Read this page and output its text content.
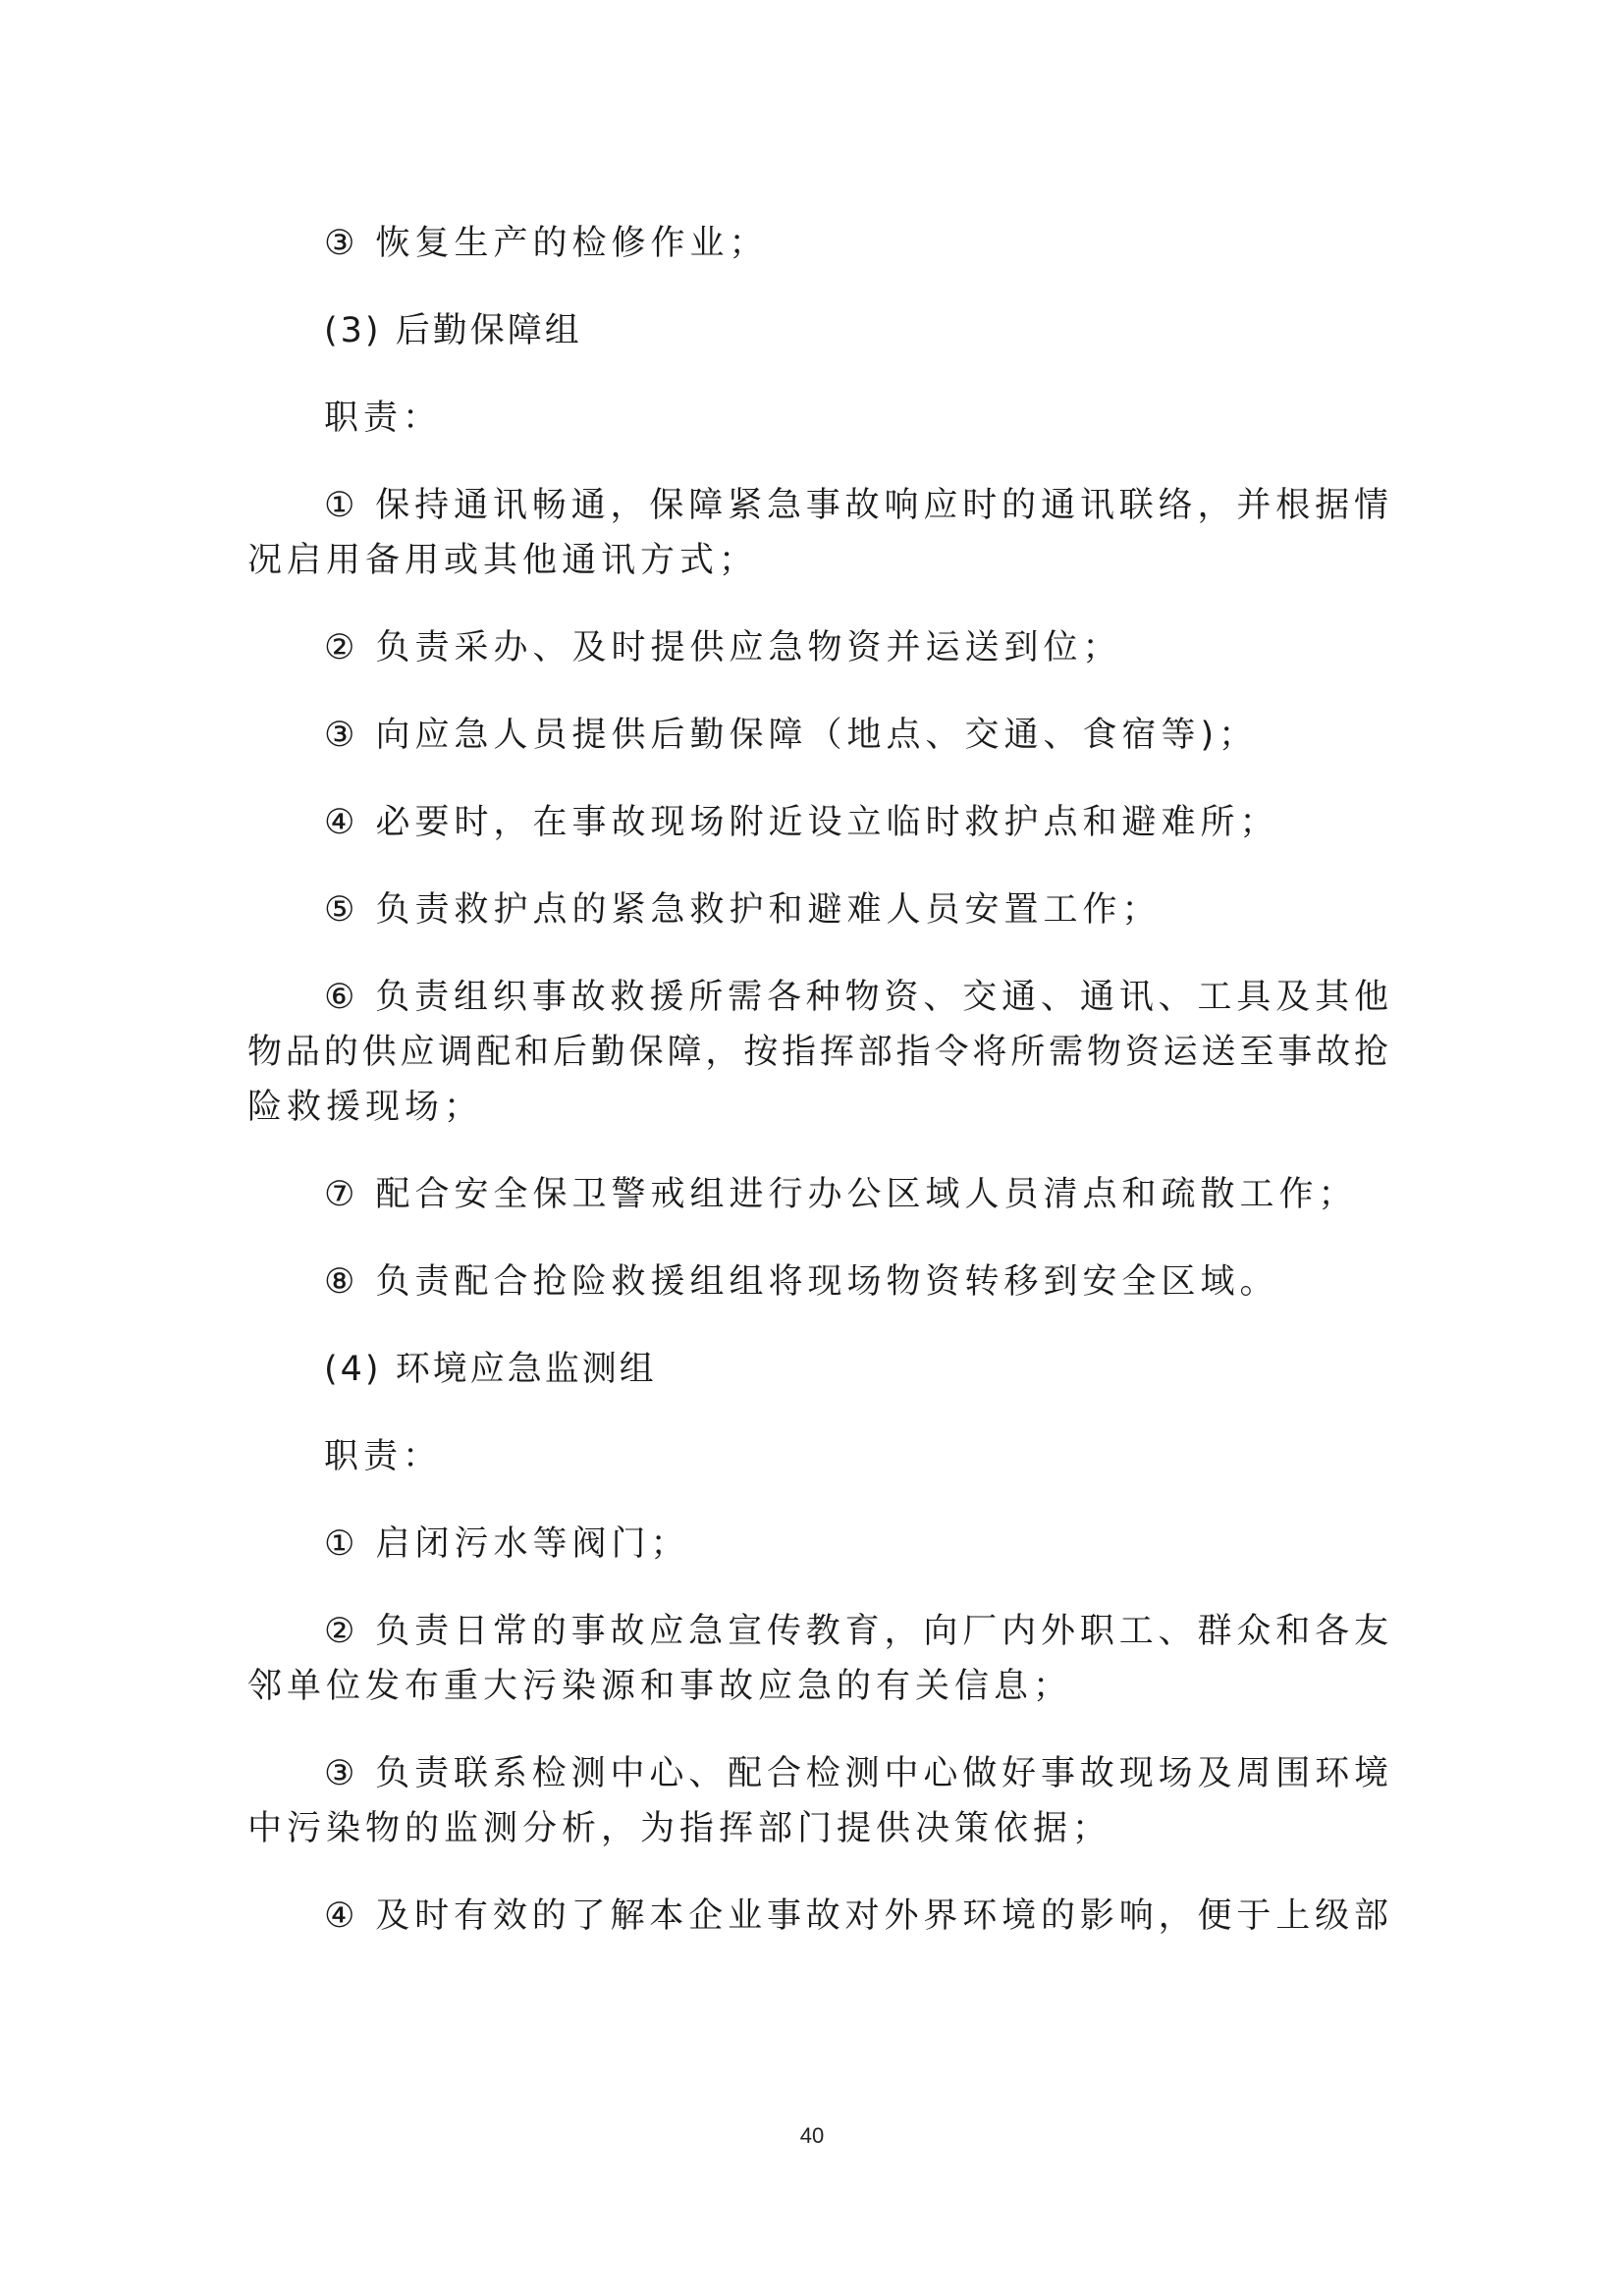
③ 恢复生产的检修作业；
(3) 后勤保障组
职责：
① 保持通讯畅通，保障紧急事故响应时的通讯联络，并根据情
况启用备用或其他通讯方式；
② 负责采办、及时提供应急物资并运送到位；
③ 向应急人员提供后勤保障（地点、交通、食宿等)；
④ 必要时，在事故现场附近设立临时救护点和避难所；
⑤ 负责救护点的紧急救护和避难人员安置工作；
⑥ 负责组织事故救援所需各种物资、交通、通讯、工具及其他
物品的供应调配和后勤保障，按指挥部指令将所需物资运送至事故抢
险救援现场；
⑦ 配合安全保卫警戒组进行办公区域人员清点和疏散工作；
⑧ 负责配合抢险救援组组将现场物资转移到安全区域。
(4) 环境应急监测组
职责：
① 启闭污水等阀门；
② 负责日常的事故应急宣传教育，向厂内外职工、群众和各友
邻单位发布重大污染源和事故应急的有关信息；
③ 负责联系检测中心、配合检测中心做好事故现场及周围环境
中污染物的监测分析，为指挥部门提供决策依据；
④ 及时有效的了解本企业事故对外界环境的影响，便于上级部
40
